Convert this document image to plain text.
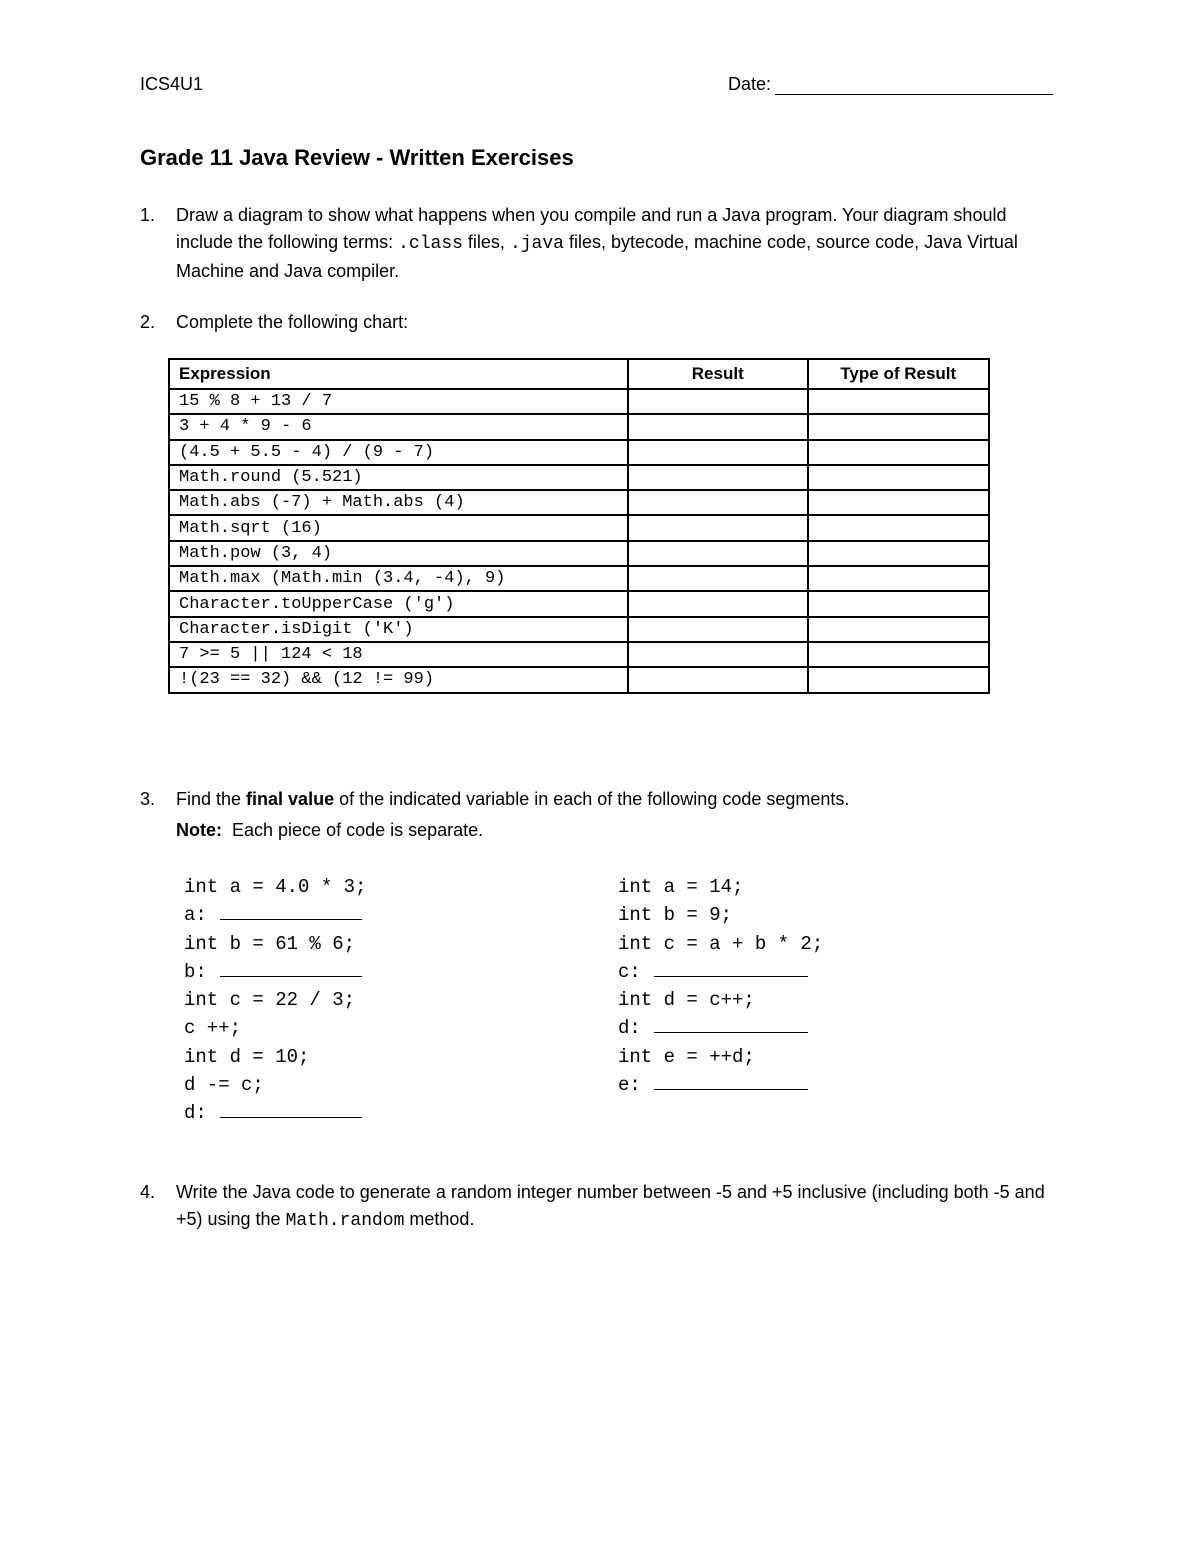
ICS4U1	Date:
Grade 11 Java Review - Written Exercises
1. Draw a diagram to show what happens when you compile and run a Java program. Your diagram should include the following terms: .class files, .java files, bytecode, machine code, source code, Java Virtual Machine and Java compiler.
2. Complete the following chart:
Expression	Result	Type of Result
15 % 8 + 13 / 7		
3 + 4 * 9 - 6		
(4.5 + 5.5 - 4) / (9 - 7)		
Math.round (5.521)		
Math.abs (-7) + Math.abs (4)		
Math.sqrt (16)		
Math.pow (3, 4)		
Math.max (Math.min (3.4, -4), 9)		
Character.toUpperCase ('g')		
Character.isDigit ('K')		
7 >= 5 || 124 < 18		
!(23 == 32) && (12 != 99)		
3. Find the final value of the indicated variable in each of the following code segments.
Note:  Each piece of code is separate.
int a = 4.0 * 3;
a:
int b = 61 % 6;
b:
int c = 22 / 3;
c ++;
int d = 10;
d -= c;
d:
int a = 14;
int b = 9;
int c = a + b * 2;
c:
int d = c++;
d:
int e = ++d;
e:
4. Write the Java code to generate a random integer number between -5 and +5 inclusive (including both -5 and +5) using the Math.random method.
